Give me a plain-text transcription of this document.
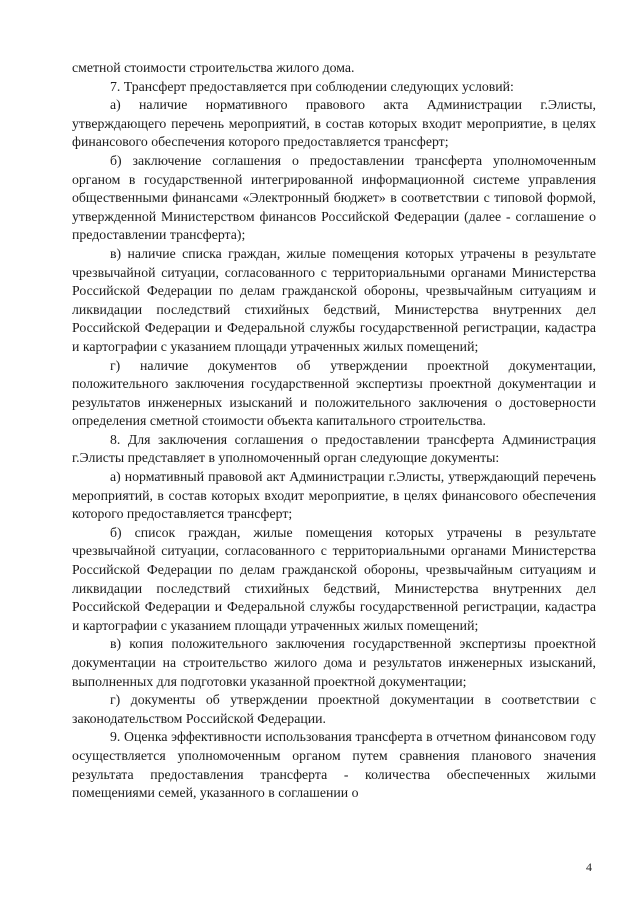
сметной стоимости строительства жилого дома.

7. Трансферт предоставляется при соблюдении следующих условий:

а) наличие нормативного правового акта Администрации г.Элисты, утверждающего перечень мероприятий, в состав которых входит мероприятие, в целях финансового обеспечения которого предоставляется трансферт;

б) заключение соглашения о предоставлении трансферта уполномоченным органом в государственной интегрированной информационной системе управления общественными финансами «Электронный бюджет» в соответствии с типовой формой, утвержденной Министерством финансов Российской Федерации (далее - соглашение о предоставлении трансферта);

в) наличие списка граждан, жилые помещения которых утрачены в результате чрезвычайной ситуации, согласованного с территориальными органами Министерства Российской Федерации по делам гражданской обороны, чрезвычайным ситуациям и ликвидации последствий стихийных бедствий, Министерства внутренних дел Российской Федерации и Федеральной службы государственной регистрации, кадастра и картографии с указанием площади утраченных жилых помещений;

г) наличие документов об утверждении проектной документации, положительного заключения государственной экспертизы проектной документации и результатов инженерных изысканий и положительного заключения о достоверности определения сметной стоимости объекта капитального строительства.

8. Для заключения соглашения о предоставлении трансферта Администрация г.Элисты представляет в уполномоченный орган следующие документы:

а) нормативный правовой акт Администрации г.Элисты, утверждающий перечень мероприятий, в состав которых входит мероприятие, в целях финансового обеспечения которого предоставляется трансферт;

б) список граждан, жилые помещения которых утрачены в результате чрезвычайной ситуации, согласованного с территориальными органами Министерства Российской Федерации по делам гражданской обороны, чрезвычайным ситуациям и ликвидации последствий стихийных бедствий, Министерства внутренних дел Российской Федерации и Федеральной службы государственной регистрации, кадастра и картографии с указанием площади утраченных жилых помещений;

в) копия положительного заключения государственной экспертизы проектной документации на строительство жилого дома и результатов инженерных изысканий, выполненных для подготовки указанной проектной документации;

г) документы об утверждении проектной документации в соответствии с законодательством Российской Федерации.

9. Оценка эффективности использования трансферта в отчетном финансовом году осуществляется уполномоченным органом путем сравнения планового значения результата предоставления трансферта - количества обеспеченных жилыми помещениями семей, указанного в соглашении о

4
